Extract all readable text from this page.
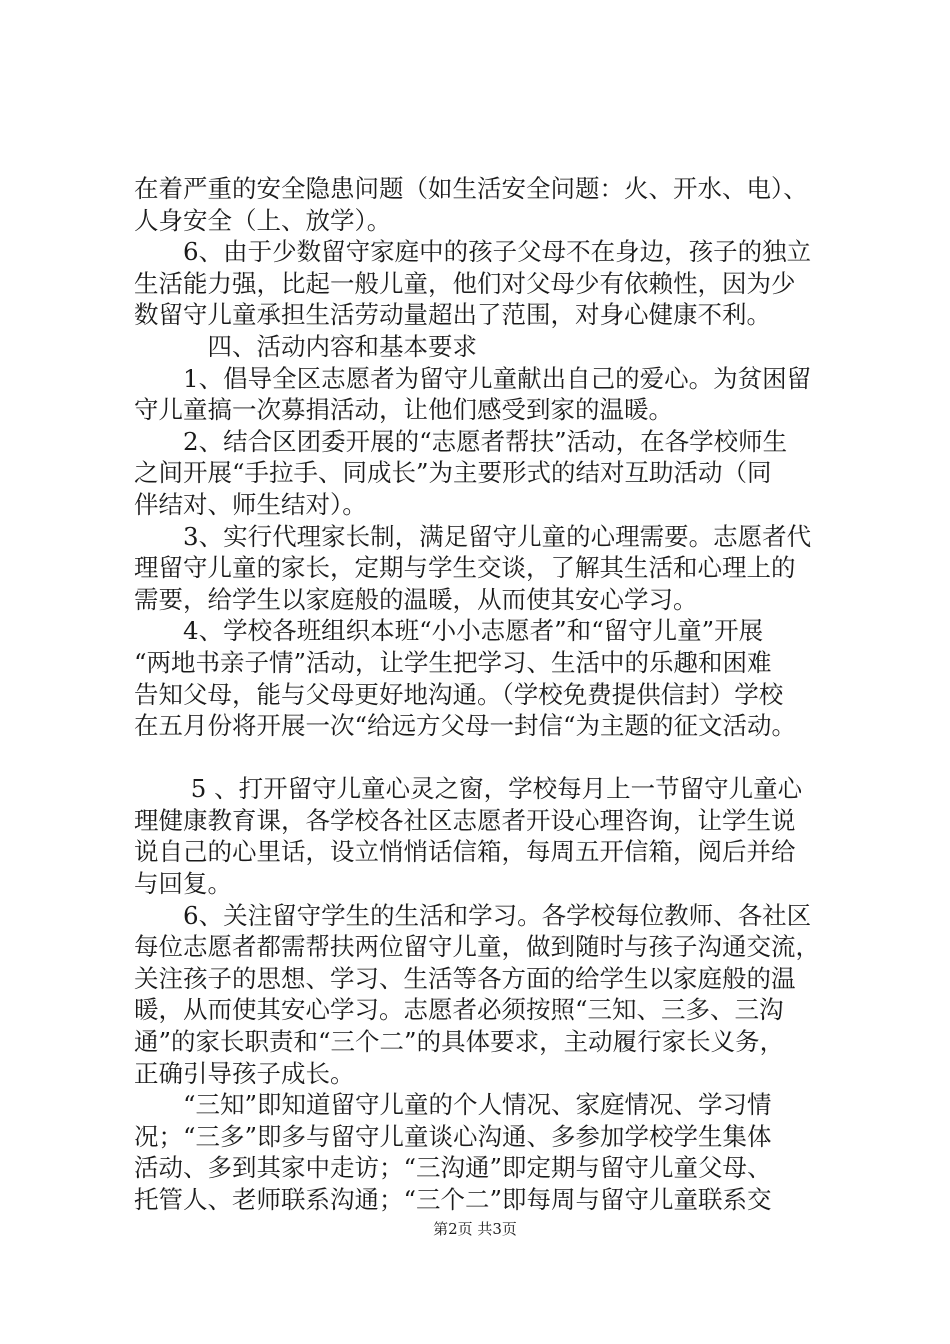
在着严重的安全隐患问题（如生活安全问题：火、开水、电）、
人身安全（上、放学）。
　　6、由于少数留守家庭中的孩子父母不在身边，孩子的独立
生活能力强，比起一般儿童，他们对父母少有依赖性，因为少
数留守儿童承担生活劳动量超出了范围，对身心健康不利。
　　　四、活动内容和基本要求
　　1、倡导全区志愿者为留守儿童献出自己的爱心。为贫困留
守儿童搞一次募捐活动，让他们感受到家的温暖。
　　2、结合区团委开展的“志愿者帮扶”活动，在各学校师生
之间开展“手拉手、同成长”为主要形式的结对互助活动（同
伴结对、师生结对）。
　　3、实行代理家长制，满足留守儿童的心理需要。志愿者代
理留守儿童的家长，定期与学生交谈，了解其生活和心理上的
需要，给学生以家庭般的温暖，从而使其安心学习。
　　4、学校各班组织本班“小小志愿者”和“留守儿童”开展
“两地书亲子情”活动，让学生把学习、生活中的乐趣和困难
告知父母，能与父母更好地沟通。（学校免费提供信封）学校
在五月份将开展一次“给远方父母一封信“为主题的征文活动。
　　 5 、打开留守儿童心灵之窗，学校每月上一节留守儿童心
理健康教育课，各学校各社区志愿者开设心理咨询，让学生说
说自己的心里话，设立悄悄话信箱，每周五开信箱，阅后并给
与回复。
　　6、关注留守学生的生活和学习。各学校每位教师、各社区
每位志愿者都需帮扶两位留守儿童，做到随时与孩子沟通交流，
关注孩子的思想、学习、生活等各方面的给学生以家庭般的温
暖，从而使其安心学习。志愿者必须按照“三知、三多、三沟
通”的家长职责和“三个二”的具体要求，主动履行家长义务，
正确引导孩子成长。
　　“三知”即知道留守儿童的个人情况、家庭情况、学习情
况；“三多”即多与留守儿童谈心沟通、多参加学校学生集体
活动、多到其家中走访；“三沟通”即定期与留守儿童父母、
托管人、老师联系沟通；“三个二”即每周与留守儿童联系交
第2页 共3页
